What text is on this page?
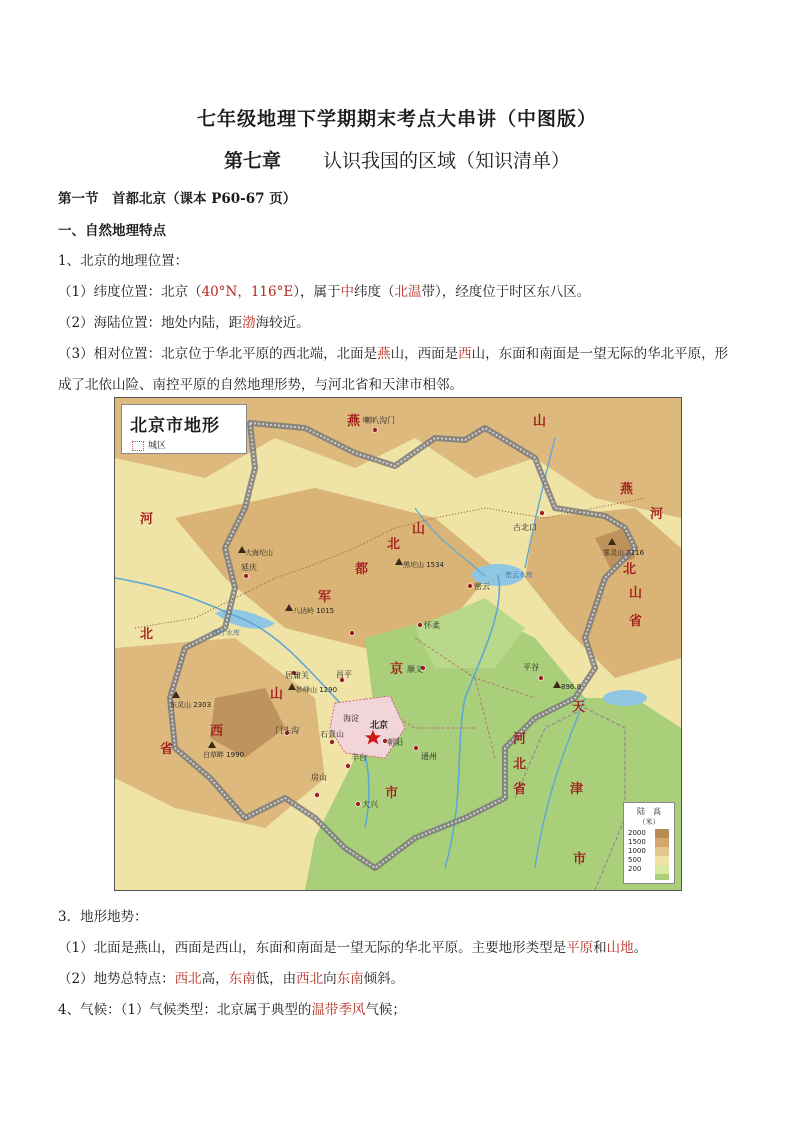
七年级地理下学期期末考点大串讲（中图版）
第七章 认识我国的区域（知识清单）
第一节　首都北京（课本 P60-67 页）
一、自然地理特点
1、北京的地理位置：
（1）纬度位置：北京（40°N，116°E），属于中纬度（北温带），经度位于时区东八区。
（2）海陆位置：地处内陆，距渤海较近。
（3）相对位置：北京位于华北平原的西北端，北面是燕山，西面是西山，东面和南面是一望无际的华北平原，形
成了北依山险、南控平原的自然地理形势，与河北省和天津市相邻。
北京市地形
城区
燕	山
燕
河
北
山
省
河
北
省
西
山
北
山
都
军
京
市
天
津
市
河
北
省
北京
海淀
朝阳
丰台
石景山
门头沟
房山
大兴
通州
顺义
昌平
怀柔
密云
平谷
延庆
古北口
喇叭沟门
居庸关
东灵山 2303
白草畔 1990
大海坨山
八达岭 1015
妙峰山 1290
雾灵山 2116
黑坨山 1534
896.8
密云水库
官厅水库
陆　高
（米）
2000
1500
1000
500
200
3．地形地势：
（1）北面是燕山，西面是西山，东面和南面是一望无际的华北平原。主要地形类型是平原和山地。
（2）地势总特点：西北高，东南低，由西北向东南倾斜。
4、气候：（1）气候类型：北京属于典型的温带季风气候；
